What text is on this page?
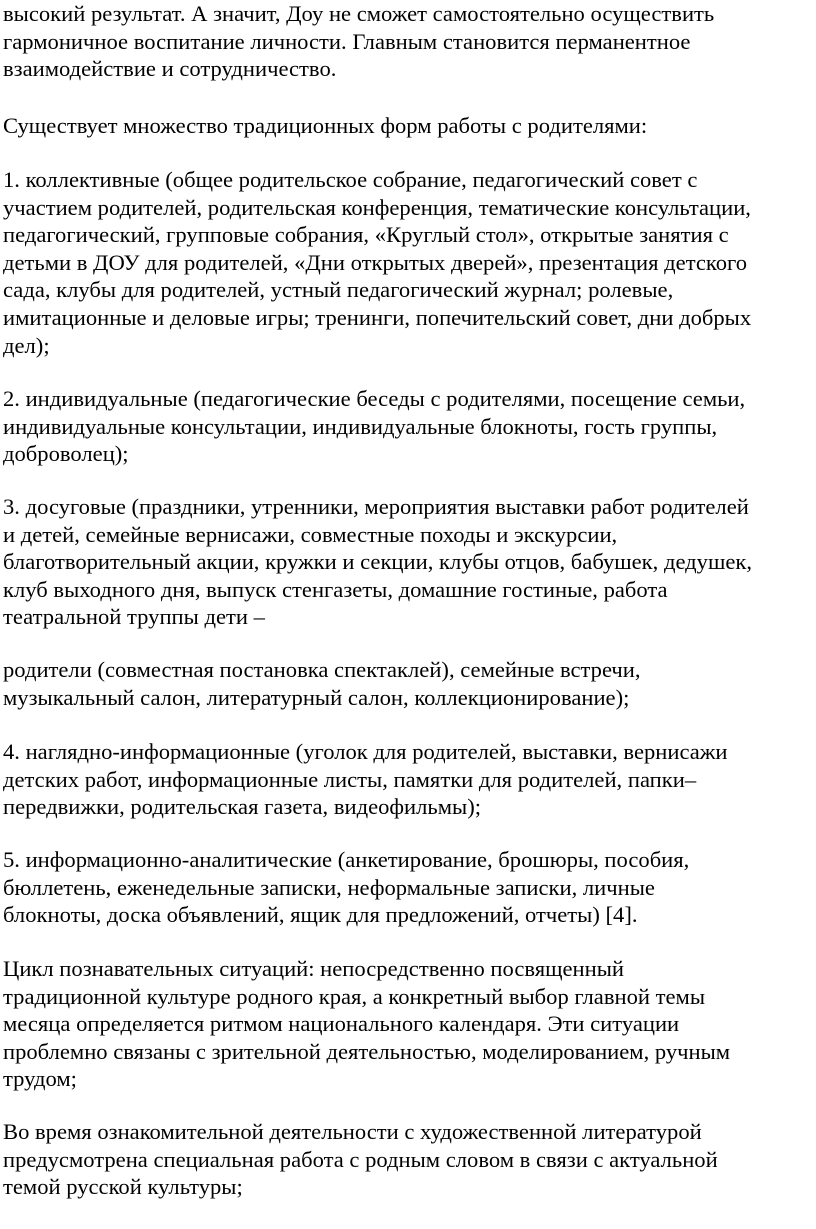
высокий результат. А значит, Доу не сможет самостоятельно осуществить
гармоничное воспитание личности. Главным становится перманентное
взаимодействие и сотрудничество.

Существует множество традиционных форм работы с родителями:

1. коллективные (общее родительское собрание, педагогический совет с
участием родителей, родительская конференция, тематические консультации,
педагогический, групповые собрания, «Круглый стол», открытые занятия с
детьми в ДОУ для родителей, «Дни открытых дверей», презентация детского
сада, клубы для родителей, устный педагогический журнал; ролевые,
имитационные и деловые игры; тренинги, попечительский совет, дни добрых
дел);

2. индивидуальные (педагогические беседы с родителями, посещение семьи,
индивидуальные консультации, индивидуальные блокноты, гость группы,
доброволец);

3. досуговые (праздники, утренники, мероприятия выставки работ родителей
и детей, семейные вернисажи, совместные походы и экскурсии,
благотворительный акции, кружки и секции, клубы отцов, бабушек, дедушек,
клуб выходного дня, выпуск стенгазеты, домашние гостиные, работа
театральной труппы дети –

родители (совместная постановка спектаклей), семейные встречи,
музыкальный салон, литературный салон, коллекционирование);

4. наглядно-информационные (уголок для родителей, выставки, вернисажи
детских работ, информационные листы, памятки для родителей, папки–
передвижки, родительская газета, видеофильмы);

5. информационно-аналитические (анкетирование, брошюры, пособия,
бюллетень, еженедельные записки, неформальные записки, личные
блокноты, доска объявлений, ящик для предложений, отчеты) [4].

Цикл познавательных ситуаций: непосредственно посвященный
традиционной культуре родного края, а конкретный выбор главной темы
месяца определяется ритмом национального календаря. Эти ситуации
проблемно связаны с зрительной деятельностью, моделированием, ручным
трудом;

Во время ознакомительной деятельности с художественной литературой
предусмотрена специальная работа с родным словом в связи с актуальной
темой русской культуры;
